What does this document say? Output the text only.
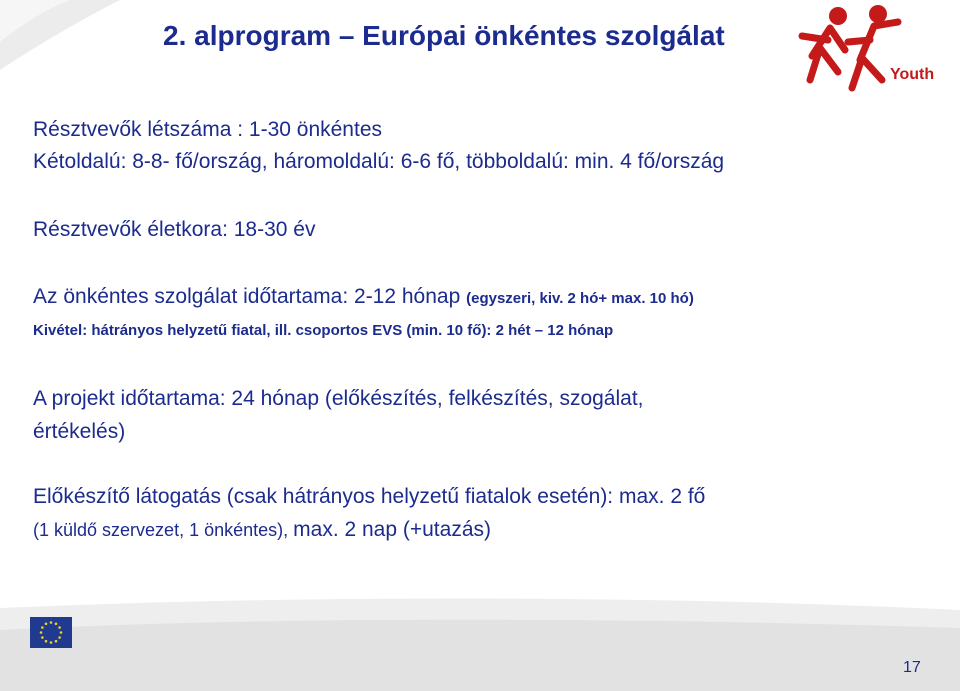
2. alprogram – Európai önkéntes szolgálat
Youth
Résztvevők létszáma : 1-30 önkéntes
Kétoldalú: 8-8- fő/ország, háromoldalú: 6-6 fő, többoldalú: min. 4 fő/ország
Résztvevők életkora: 18-30 év
Az önkéntes szolgálat időtartama: 2-12 hónap (egyszeri, kiv. 2 hó+ max. 10 hó)
Kivétel: hátrányos helyzetű fiatal, ill. csoportos EVS (min. 10 fő): 2 hét – 12 hónap
A projekt időtartama: 24 hónap (előkészítés, felkészítés, szogálat,
értékelés)
Előkészítő látogatás (csak hátrányos helyzetű fiatalok esetén): max. 2 fő
(1 küldő szervezet, 1 önkéntes), max. 2 nap (+utazás)
17
